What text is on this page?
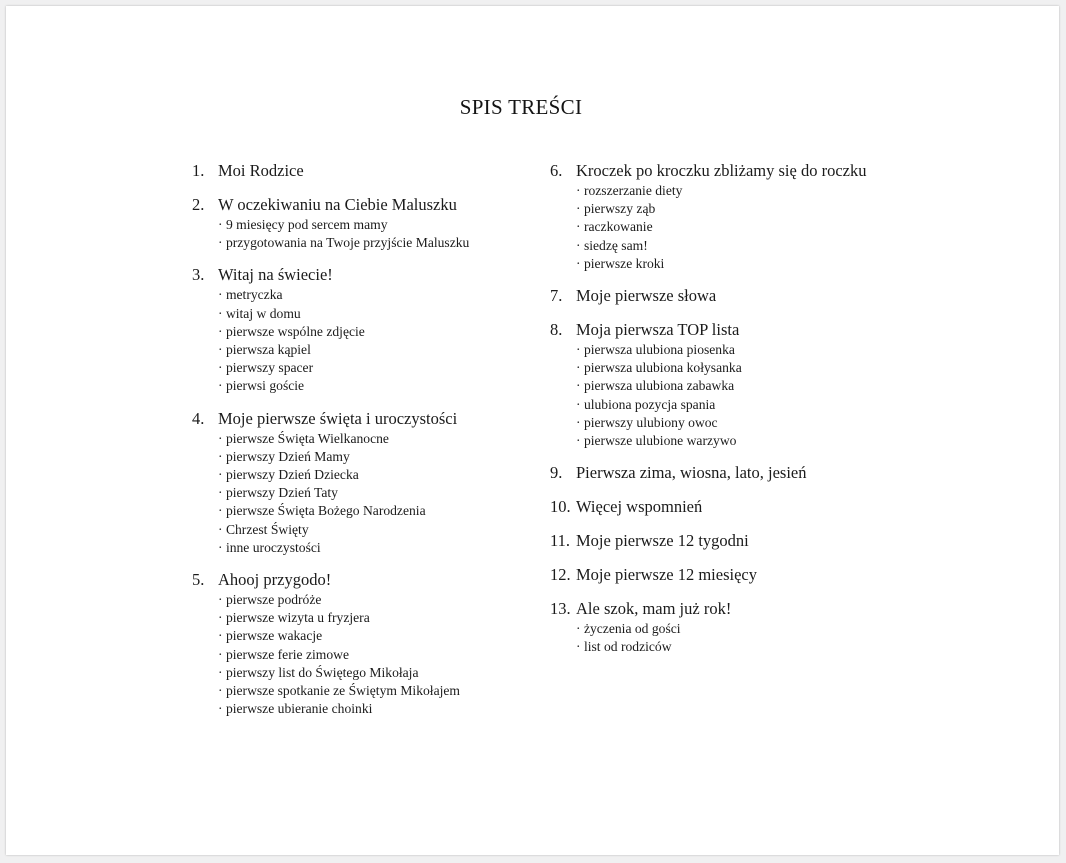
SPIS TREŚCI
1. Moi Rodzice
2. W oczekiwaniu na Ciebie Maluszku
· 9 miesięcy pod sercem mamy
· przygotowania na Twoje przyjście Maluszku
3. Witaj na świecie!
· metryczka
· witaj w domu
· pierwsze wspólne zdjęcie
· pierwsza kąpiel
· pierwszy spacer
· pierwsi goście
4. Moje pierwsze święta i uroczystości
· pierwsze Święta Wielkanocne
· pierwszy Dzień Mamy
· pierwszy Dzień Dziecka
· pierwszy Dzień Taty
· pierwsze Święta Bożego Narodzenia
· Chrzest Święty
· inne uroczystości
5. Ahooj przygodo!
· pierwsze podróże
· pierwsze wizyta u fryzjera
· pierwsze wakacje
· pierwsze ferie zimowe
· pierwszy list do Świętego Mikołaja
· pierwsze spotkanie ze Świętym Mikołajem
· pierwsze ubieranie choinki
6. Kroczek po kroczku zbliżamy się do roczku
· rozszerzanie diety
· pierwszy ząb
· raczkowanie
· siedzę sam!
· pierwsze kroki
7. Moje pierwsze słowa
8. Moja pierwsza TOP lista
· pierwsza ulubiona piosenka
· pierwsza ulubiona kołysanka
· pierwsza ulubiona zabawka
· ulubiona pozycja spania
· pierwszy ulubiony owoc
· pierwsze ulubione warzywo
9. Pierwsza zima, wiosna, lato, jesień
10. Więcej wspomnień
11. Moje pierwsze 12 tygodni
12. Moje pierwsze 12 miesięcy
13. Ale szok, mam już rok!
· życzenia od gości
· list od rodziców
